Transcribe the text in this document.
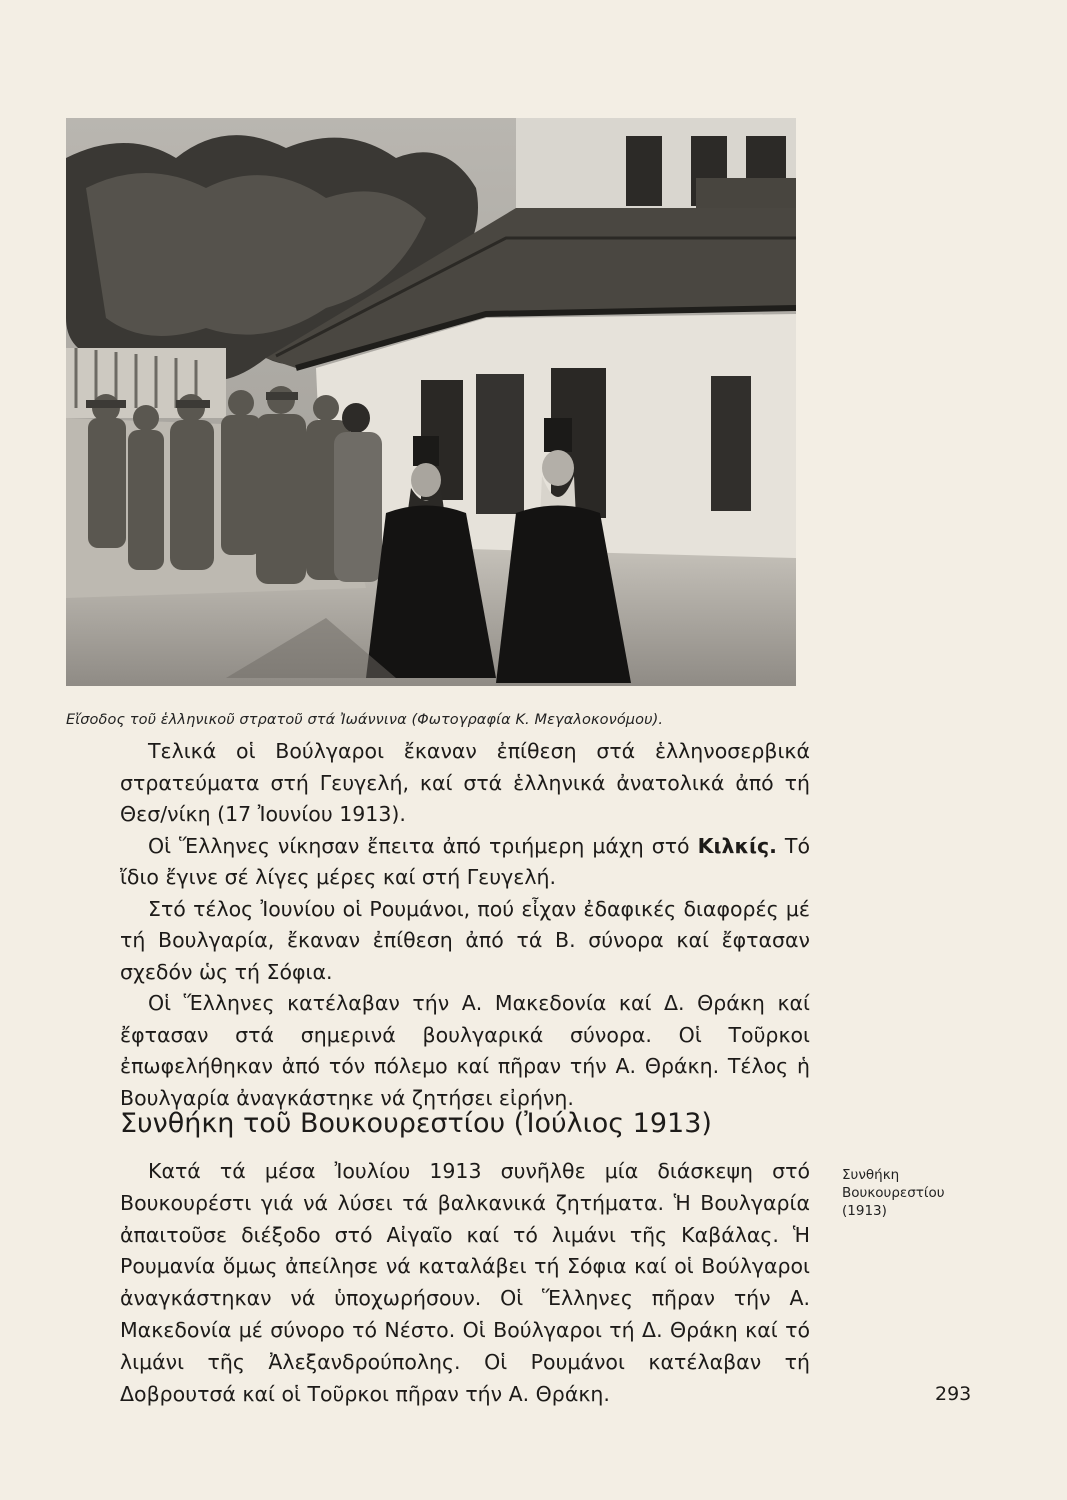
Εἴσοδος τοῦ ἑλληνικοῦ στρατοῦ στά Ἰωάννινα (Φωτογραφία Κ. Μεγαλοκονόμου).

Τελικά οἱ Βούλγαροι ἔκαναν ἐπίθεση στά ἑλληνοσερβικά στρατεύματα στή Γευγελή, καί στά ἑλληνικά ἀνατολικά ἀπό τή Θεσ/νίκη (17 Ἰουνίου 1913).

Οἱ Ἕλληνες νίκησαν ἔπειτα ἀπό τριήμερη μάχη στό Κιλκίς. Τό ἴδιο ἔγινε σέ λίγες μέρες καί στή Γευγελή.

Στό τέλος Ἰουνίου οἱ Ρουμάνοι, πού εἶχαν ἐδαφικές διαφορές μέ τή Βουλγαρία, ἔκαναν ἐπίθεση ἀπό τά Β. σύνορα καί ἔφτασαν σχεδόν ὡς τή Σόφια.

Οἱ Ἕλληνες κατέλαβαν τήν Α. Μακεδονία καί Δ. Θράκη καί ἔφτασαν στά σημερινά βουλγαρικά σύνορα. Οἱ Τοῦρκοι ἐπωφελήθηκαν ἀπό τόν πόλεμο καί πῆραν τήν Α. Θράκη. Τέλος ἡ Βουλγαρία ἀναγκάστηκε νά ζητήσει εἰρήνη.

Συνθήκη τοῦ Βουκουρεστίου (Ἰούλιος 1913)

Κατά τά μέσα Ἰουλίου 1913 συνῆλθε μία διάσκεψη στό Βουκουρέστι γιά νά λύσει τά βαλκανικά ζητήματα. Ἡ Βουλγαρία ἀπαιτοῦσε διέξοδο στό Αἰγαῖο καί τό λιμάνι τῆς Καβάλας. Ἡ Ρουμανία ὅμως ἀπείλησε νά καταλάβει τή Σόφια καί οἱ Βούλγαροι ἀναγκάστηκαν νά ὑποχωρήσουν. Οἱ Ἕλληνες πῆραν τήν Α. Μακεδονία μέ σύνορο τό Νέστο. Οἱ Βούλγαροι τή Δ. Θράκη καί τό λιμάνι τῆς Ἀλεξανδρούπολης. Οἱ Ρουμάνοι κατέλαβαν τή Δοβρουτσά καί οἱ Τοῦρκοι πῆραν τήν Α. Θράκη.

Συνθήκη
Βουκουρεστίου
(1913)
293
